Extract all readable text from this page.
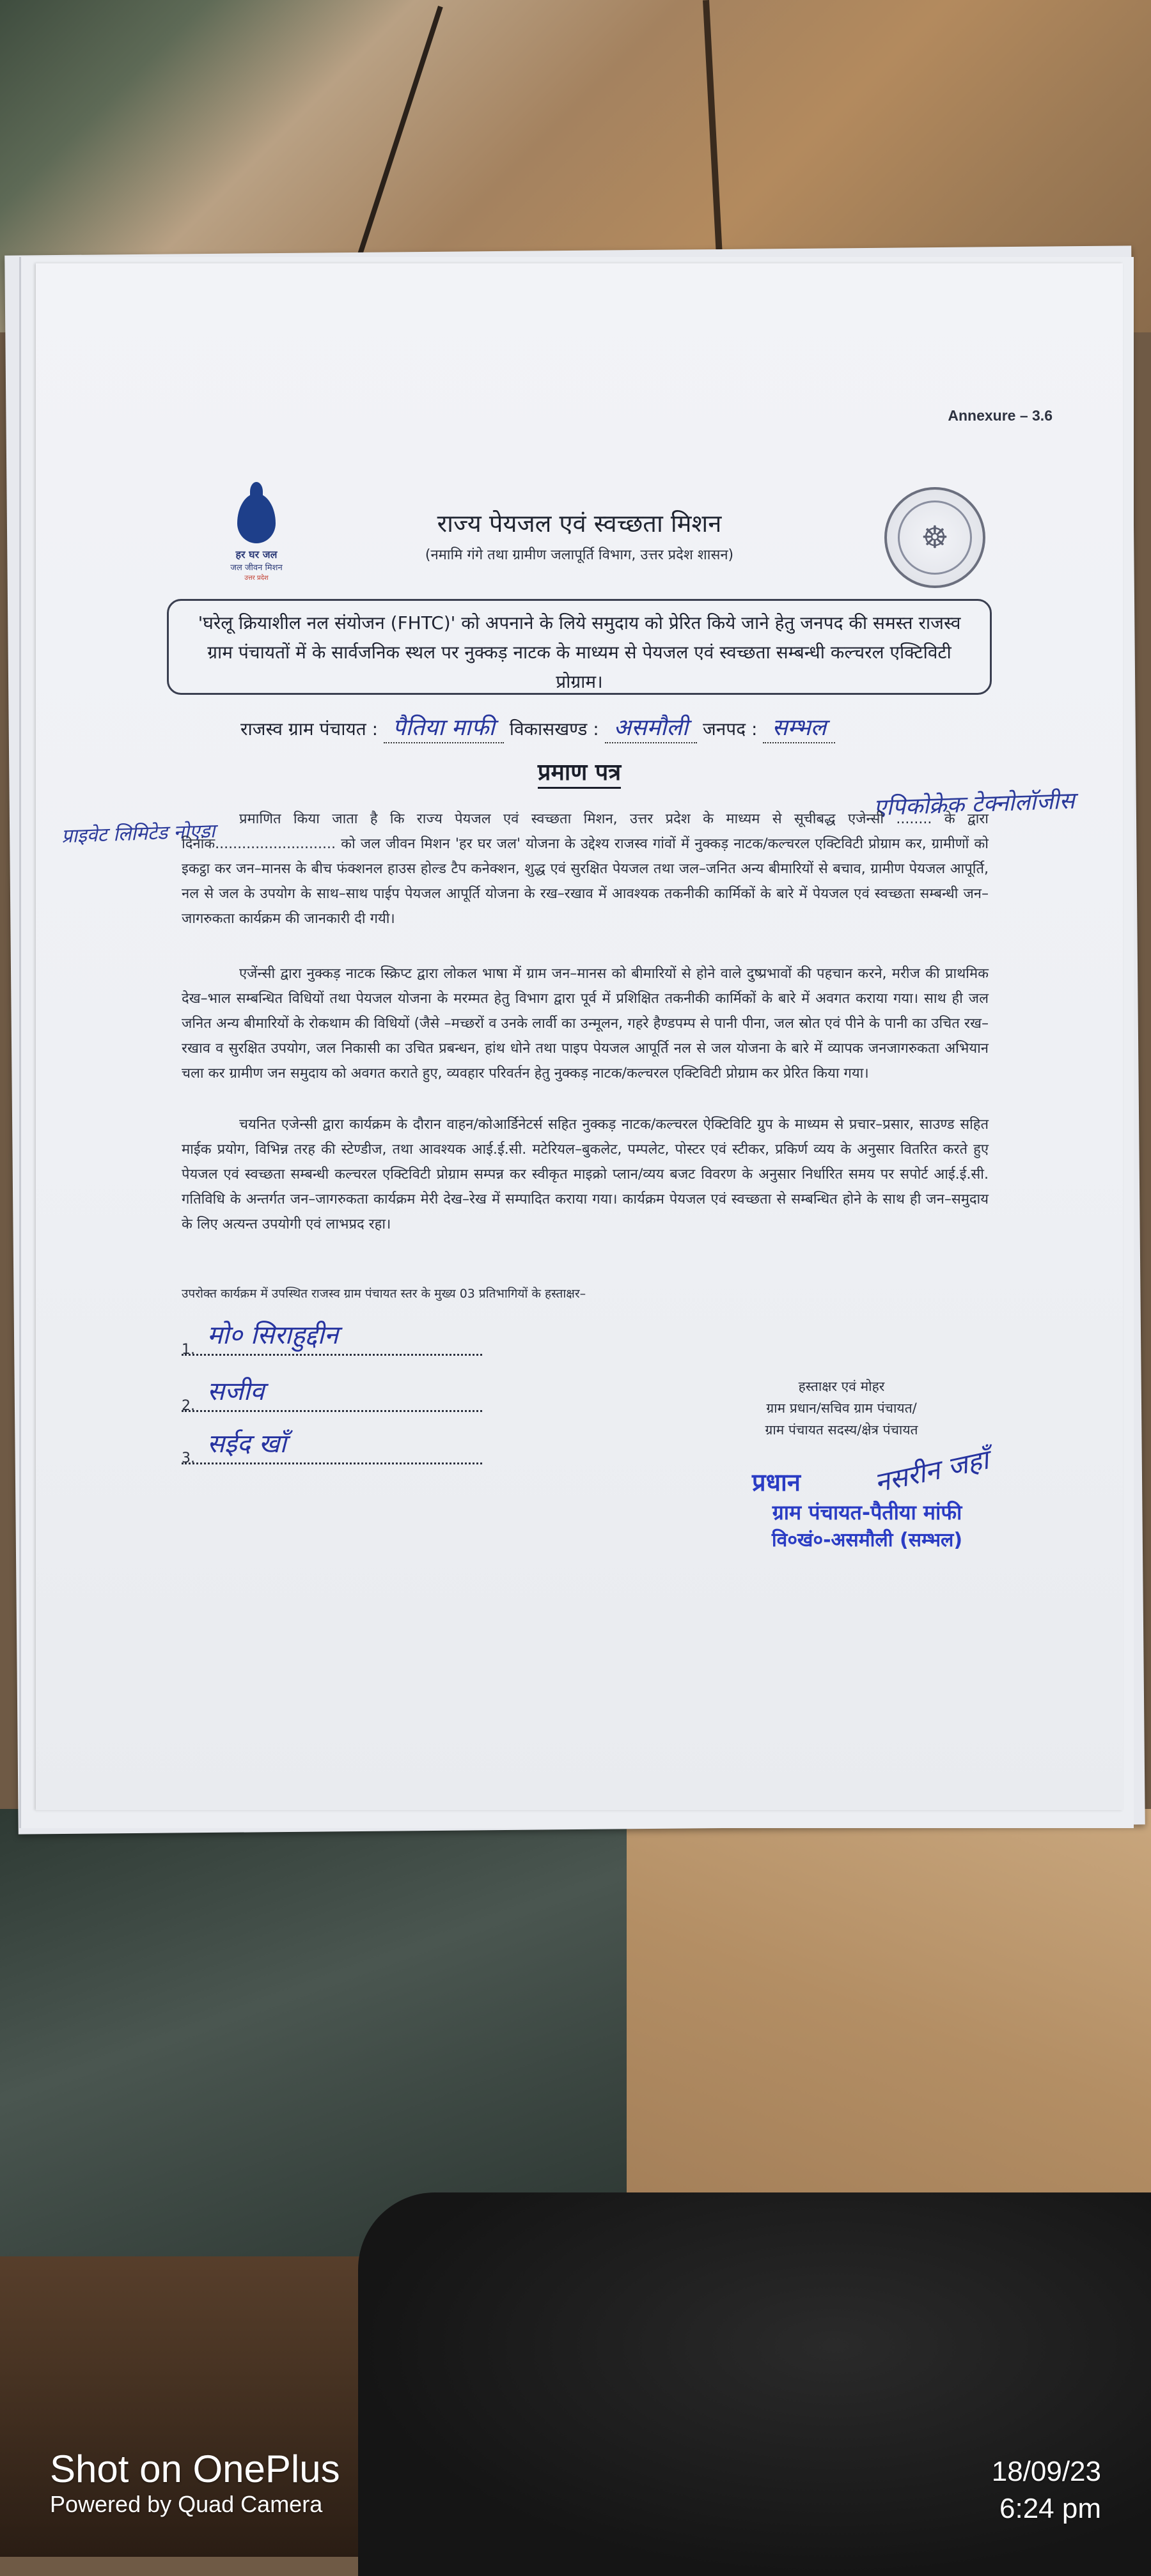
Annexure – 3.6
हर घर जल
जल जीवन मिशन
उत्तर प्रदेश
☸
राज्य पेयजल एवं स्वच्छता मिशन
(नमामि गंगे तथा ग्रामीण जलापूर्ति विभाग, उत्तर प्रदेश शासन)
'घरेलू क्रियाशील नल संयोजन (FHTC)' को अपनाने के लिये समुदाय को प्रेरित किये जाने हेतु जनपद की समस्त राजस्व ग्राम पंचायतों में के सार्वजनिक स्थल पर नुक्कड़ नाटक के माध्यम से पेयजल एवं स्वच्छता सम्बन्धी कल्चरल एक्टिविटी प्रोग्राम।
राजस्व ग्राम पंचायत : पैतिया माफी विकासखण्ड : असमौली जनपद : सम्भल
प्रमाण पत्र
एपिकोक्रेक टेक्नोलॉजीस
प्राइवेट लिमिटेड नोएडा
प्रमाणित किया जाता है कि राज्य पेयजल एवं स्वच्छता मिशन, उत्तर प्रदेश के माध्यम से सूचीबद्ध एजेन्सी ........ के द्वारा दिनांक........................... को जल जीवन मिशन 'हर घर जल' योजना के उद्देश्य राजस्व गांवों में नुक्कड़ नाटक/कल्चरल एक्टिविटी प्रोग्राम कर, ग्रामीणों को इकट्ठा कर जन–मानस के बीच फंक्शनल हाउस होल्ड टैप कनेक्शन, शुद्ध एवं सुरक्षित पेयजल तथा जल–जनित अन्य बीमारियों से बचाव, ग्रामीण पेयजल आपूर्ति, नल से जल के उपयोग के साथ–साथ पाईप पेयजल आपूर्ति योजना के रख–रखाव में आवश्यक तकनीकी कार्मिकों के बारे में पेयजल एवं स्वच्छता सम्बन्धी जन–जागरुकता कार्यक्रम की जानकारी दी गयी।
एजेंन्सी द्वारा नुक्कड़ नाटक स्क्रिप्ट द्वारा लोकल भाषा में ग्राम जन–मानस को बीमारियों से होने वाले दुष्प्रभावों की पहचान करने, मरीज की प्राथमिक देख–भाल सम्बन्धित विधियों तथा पेयजल योजना के मरम्मत हेतु विभाग द्वारा पूर्व में प्रशिक्षित तकनीकी कार्मिकों के बारे में अवगत कराया गया। साथ ही जल जनित अन्य बीमारियों के रोकथाम की विधियों (जैसे –मच्छरों व उनके लार्वी का उन्मूलन, गहरे हैण्डपम्प से पानी पीना, जल स्रोत एवं पीने के पानी का उचित रख–रखाव व सुरक्षित उपयोग, जल निकासी का उचित प्रबन्धन, हांथ धोने तथा पाइप पेयजल आपूर्ति नल से जल योजना के बारे में व्यापक जनजागरुकता अभियान चला कर ग्रामीण जन समुदाय को अवगत कराते हुए, व्यवहार परिवर्तन हेतु नुक्कड़ नाटक/कल्चरल एक्टिविटी प्रोग्राम कर प्रेरित किया गया।
चयनित एजेन्सी द्वारा कार्यक्रम के दौरान वाहन/कोआर्डिनेटर्स सहित नुक्कड़ नाटक/कल्चरल ऐक्टिविटि ग्रुप के माध्यम से प्रचार–प्रसार, साउण्ड सहित माईक प्रयोग, विभिन्न तरह की स्टेण्डीज, तथा आवश्यक आई.ई.सी. मटेरियल–बुकलेट, पम्पलेट, पोस्टर एवं स्टीकर, प्रकिर्ण व्यय के अनुसार वितरित करते हुए पेयजल एवं स्वच्छता सम्बन्धी कल्चरल एक्टिविटी प्रोग्राम सम्पन्न कर स्वीकृत माइक्रो प्लान/व्यय बजट विवरण के अनुसार निर्धारित समय पर सपोर्ट आई.ई.सी. गतिविधि के अन्तर्गत जन–जागरुकता कार्यक्रम मेरी देख–रेख में सम्पादित कराया गया। कार्यक्रम पेयजल एवं स्वच्छता से सम्बन्धित होने के साथ ही जन–समुदाय के लिए अत्यन्त उपयोगी एवं लाभप्रद रहा।
उपरोक्त कार्यक्रम में उपस्थित राजस्व ग्राम पंचायत स्तर के मुख्य 03 प्रतिभागियों के हस्ताक्षर–
1. मो० सिराहुद्दीन
2. सजीव
3. सईद खाँ
हस्ताक्षर एवं मोहर
ग्राम प्रधान/सचिव ग्राम पंचायत/
ग्राम पंचायत सदस्य/क्षेत्र पंचायत
प्रधान
ग्राम पंचायत-पैतीया मांफी
वि०खं०-असमौली (सम्भल)
नसरीन जहाँ
Shot on OnePlus
Powered by Quad Camera
18/09/23
6:24 pm
